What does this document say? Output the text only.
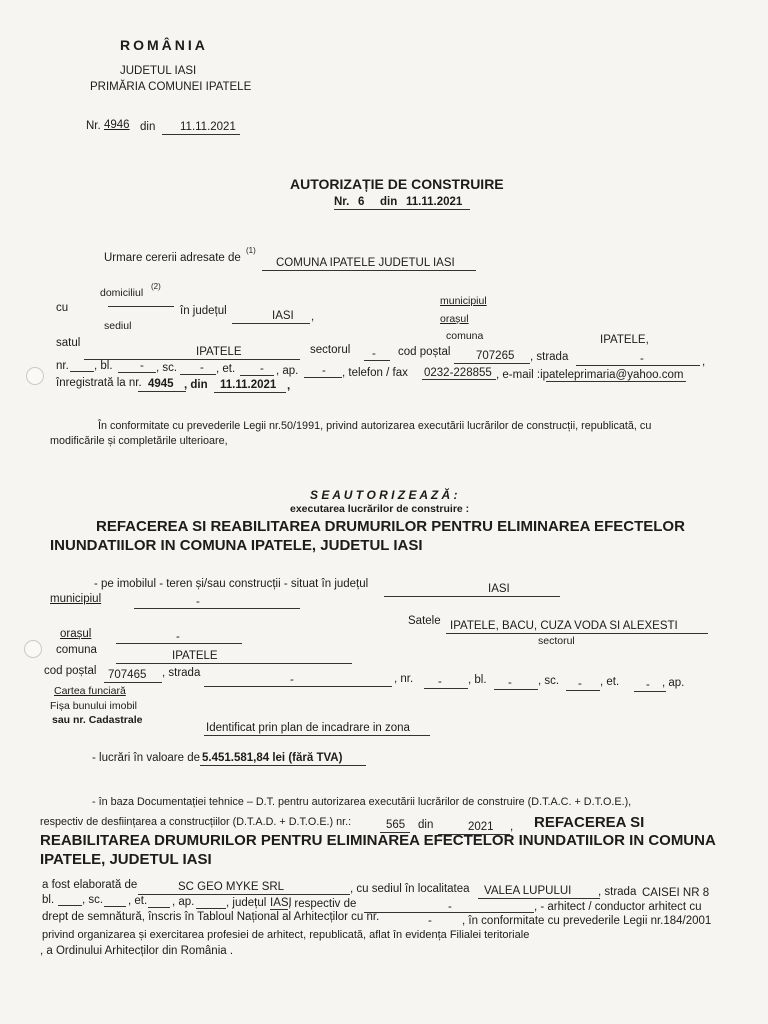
ROMÂNIA
JUDETUL IASI
PRIMĂRIA COMUNEI IPATELE
Nr. 4946 din 11.11.2021
AUTORIZAȚIE DE CONSTRUIRE
Nr. 6 din 11.11.2021
Urmare cererii adresate de
(1)
COMUNA IPATELE JUDETUL IASI
domiciliul
(2)
cu
sediul
în județul	IASI ,
municipiul
orașul
comuna	IPATELE,
satul
IPATELE	sectorul - cod poștal 707265 , strada	-	,
nr. , bl. - , sc. - , et. - , ap. - , telefon / fax 0232-228855 , e-mail :ipateleprimaria@yahoo.com
înregistrată la nr. 4945 , din 11.11.2021 ,
În conformitate cu prevederile Legii nr.50/1991, privind autorizarea executării lucrărilor de construcții, republicată, cu
modificările și completările ulterioare,
S E A U T O R I Z E A Z Ă :
executarea lucrărilor de construire :
REFACEREA SI REABILITAREA DRUMURILOR PENTRU ELIMINAREA EFECTELOR
INUNDATIILOR IN COMUNA IPATELE, JUDETUL IASI
- pe imobilul - teren și/sau construcții - situat în județul	IASI
municipiul	-
Satele IPATELE, BACU, CUZA VODA SI ALEXESTI
sectorul
orașul	-
comuna	IPATELE
cod poștal 707465 , strada
-	, nr. - , bl. - , sc. - , et. - , ap.
Cartea funciară
Fișa bunului imobil
sau nr. Cadastrale
Identificat prin plan de incadrare in zona
- lucrări în valoare de 5.451.581,84 lei (fără TVA)
- în baza Documentației tehnice – D.T. pentru autorizarea executării lucrărilor de construire (D.T.A.C. + D.T.O.E.),
respectiv de desființarea a construcțiilor (D.T.A.D. + D.T.O.E.) nr.:	565 din	2021 , REFACEREA SI
REABILITAREA DRUMURILOR PENTRU ELIMINAREA EFECTELOR INUNDATIILOR IN COMUNA
IPATELE, JUDETUL IASI
a fost elaborată de	SC GEO MYKE SRL	, cu sediul în localitatea VALEA LUPULUI , strada CAISEI NR 8
bl. , sc. , et. , ap.	, județul IASI
, respectiv de	-	, - arhitect / conductor arhitect cu
drept de semnătură, înscris în Tabloul Național al Arhitecților cu nr.	-	, în conformitate cu prevederile Legii nr.184/2001
privind organizarea și exercitarea profesiei de arhitect, republicată, aflat în evidența Filialei teritoriale
, a Ordinului Arhitecților din România .
